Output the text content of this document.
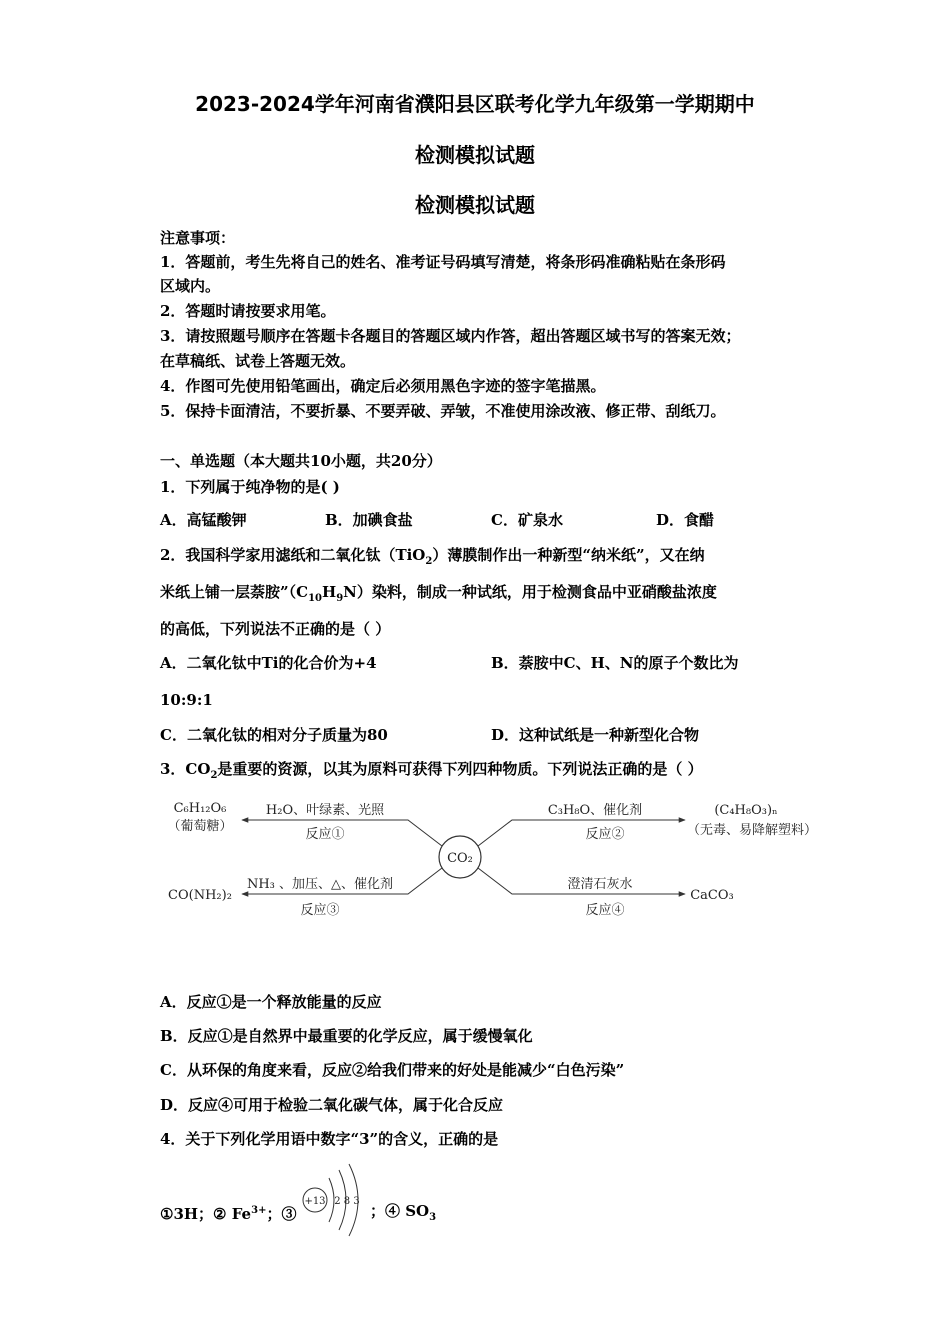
2023-2024学年河南省濮阳县区联考化学九年级第一学期期中
检测模拟试题
检测模拟试题
注意事项：
1．答题前，考生先将自己的姓名、准考证号码填写清楚，将条形码准确粘贴在条形码
区域内。
2．答题时请按要求用笔。
3．请按照题号顺序在答题卡各题目的答题区域内作答，超出答题区域书写的答案无效；
在草稿纸、试卷上答题无效。
4．作图可先使用铅笔画出，确定后必须用黑色字迹的签字笔描黑。
5．保持卡面清洁，不要折暴、不要弄破、弄皱，不准使用涂改液、修正带、刮纸刀。
一、单选题（本大题共10小题，共20分）
1．下列属于纯净物的是( )
A．高锰酸钾	B．加碘食盐	C．矿泉水	D．食醋
2．我国科学家用滤纸和二氧化钛（TiO$_2$）薄膜制作出一种新型“纳米纸”，又在纳
米纸上铺一层萘胺$”(C_{10}H_9N)$染料，制成一种试纸，用于检测食品中亚硝酸盐浓度
的高低，下列说法不正确的是（ ）
A．二氧化钛中Ti的化合价为+4	B．萘胺中C、H、N的原子个数比为
10:9:1
C．二氧化钛的相对分子质量为80	D．这种试纸是一种新型化合物
3．$CO_2$是重要的资源，以其为原料可获得下列四种物质。下列说法正确的是（ ）
CO₂
C₆H₁₂O₆
（葡萄糖）
H₂O、叶绿素、光照
反应①
C₃H₈O、催化剂
反应②
(C₄H₈O₃)ₙ
（无毒、易降解塑料）
CO(NH₂)₂
NH₃ 、加压、△、催化剂
反应③
澄清石灰水
反应④
CaCO₃
A．反应①是一个释放能量的反应
B．反应①是自然界中最重要的化学反应，属于缓慢氧化
C．从环保的角度来看，反应②给我们带来的好处是能减少“白色污染”
D．反应④可用于检验二氧化碳气体，属于化合反应
4．关于下列化学用语中数字“3”的含义，正确的是
①3H；② $Fe^{3+}$；③
+13 2 8 3
；④ $SO_3$
